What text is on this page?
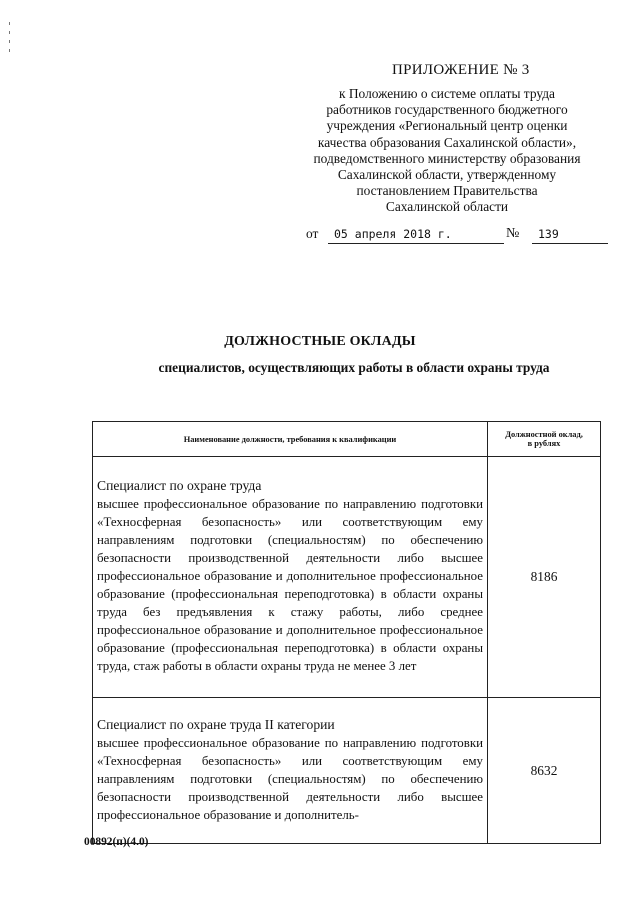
ПРИЛОЖЕНИЕ № 3
к Положению о системе оплаты труда
работников государственного бюджетного
учреждения «Региональный центр оценки
качества образования Сахалинской области»,
подведомственного министерству образования
Сахалинской области, утвержденному
постановлением Правительства
Сахалинской области
от	05 апреля 2018 г.	№	139
ДОЛЖНОСТНЫЕ ОКЛАДЫ
специалистов, осуществляющих работы в области охраны труда
Наименование должности, требования к квалификации	Должностной оклад,
в рублях

Специалист по охране труда
высшее профессиональное образование по направлению подготовки «Техносферная безопасность» или соответствующим ему направлениям подготовки (специальностям) по обеспечению безопасности производственной деятельности либо высшее профессиональное образование и дополнительное профессиональное образование (профессиональная переподготовка) в области охраны труда без предъявления к стажу работы, либо среднее профессиональное образование и дополнительное профессиональное образование (профессиональная переподготовка) в области охраны труда, стаж работы в области охраны труда не менее 3 лет	8186

Специалист по охране труда II категории
высшее профессиональное образование по направлению подготовки «Техносферная безопасность» или соответствующим ему направлениям подготовки (специальностям) по обеспечению безопасности производственной деятельности либо высшее профессиональное образование и дополнитель-	8632
00892(п)(4.0)
